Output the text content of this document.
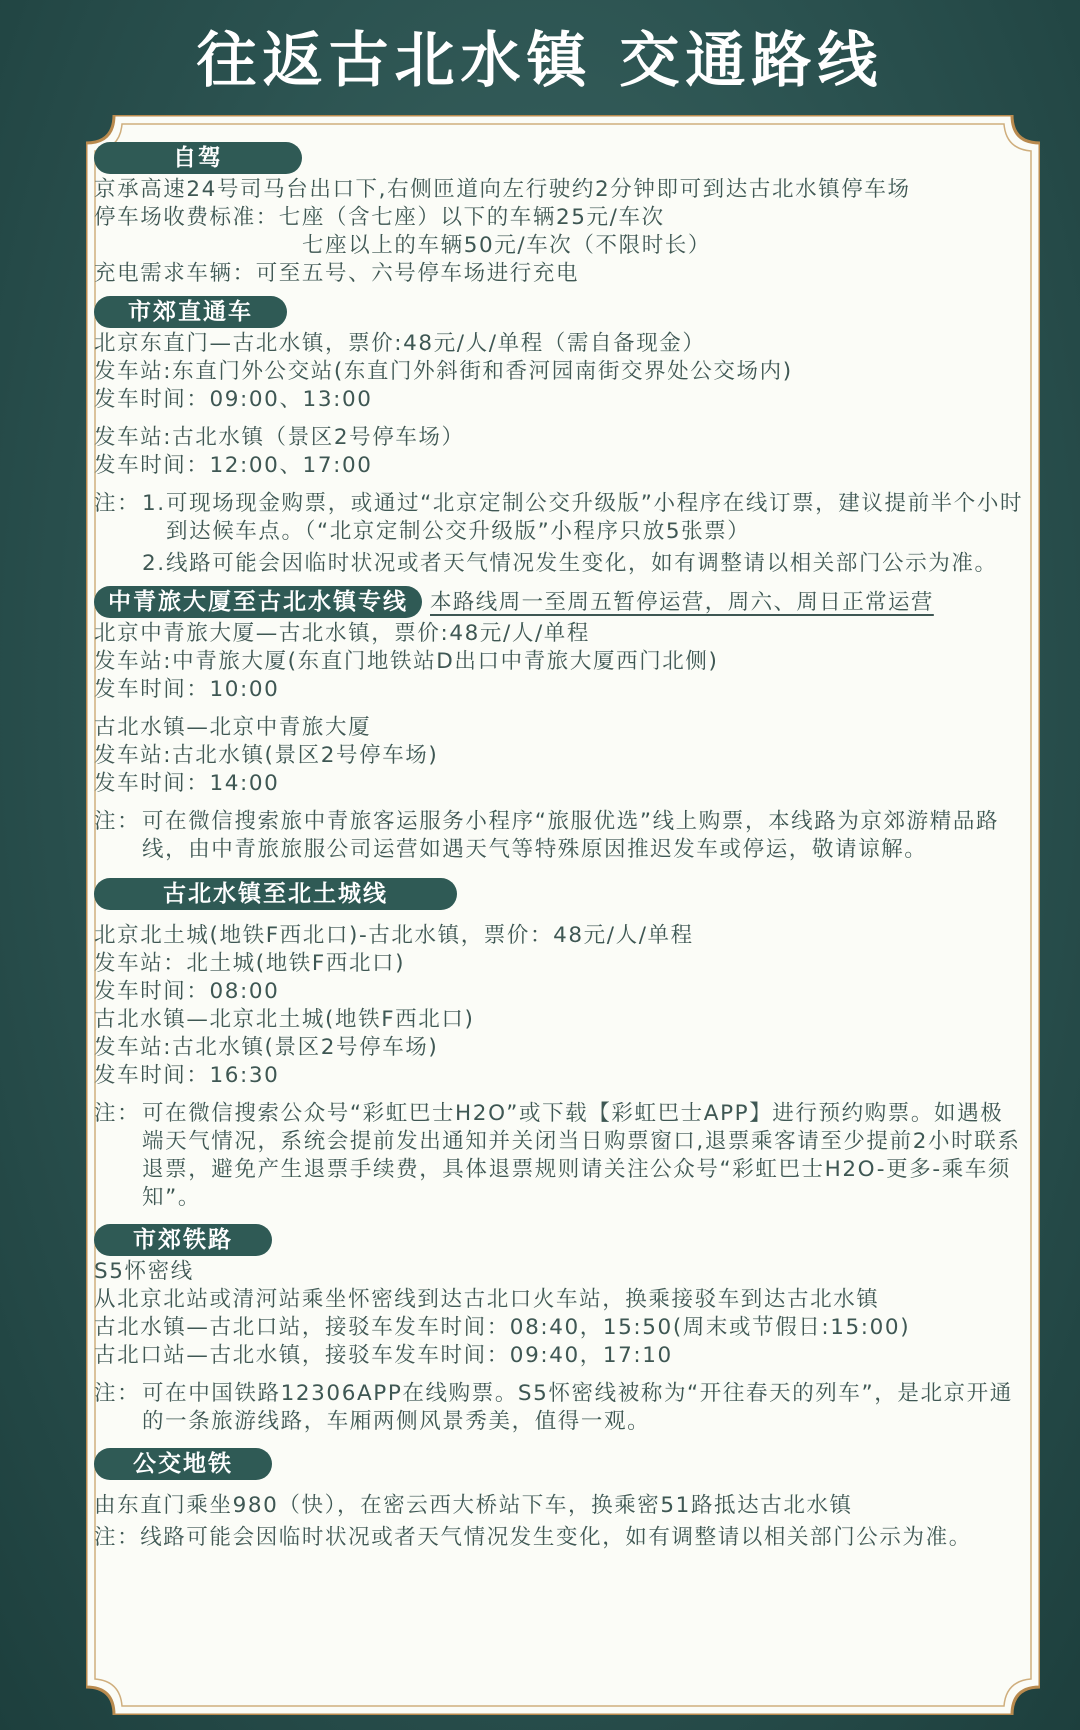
往返古北水镇 交通路线
自驾
京承高速24号司马台出口下,右侧匝道向左行驶约2分钟即可到达古北水镇停车场
停车场收费标准：七座（含七座）以下的车辆25元/车次
七座以上的车辆50元/车次（不限时长）
充电需求车辆：可至五号、六号停车场进行充电
市郊直通车
北京东直门—古北水镇，票价:48元/人/单程（需自备现金）
发车站:东直门外公交站(东直门外斜街和香河园南街交界处公交场内)
发车时间：09:00、13:00
发车站:古北水镇（景区2号停车场）
发车时间：12:00、17:00
注： 1. 可现场现金购票，或通过“北京定制公交升级版”小程序在线订票，建议提前半个小时到达候车点。（“北京定制公交升级版”小程序只放5张票）
2. 线路可能会因临时状况或者天气情况发生变化，如有调整请以相关部门公示为准。
中青旅大厦至古北水镇专线 本路线周一至周五暂停运营，周六、周日正常运营
北京中青旅大厦—古北水镇，票价:48元/人/单程
发车站:中青旅大厦(东直门地铁站D出口中青旅大厦西门北侧)
发车时间：10:00
古北水镇—北京中青旅大厦
发车站:古北水镇(景区2号停车场)
发车时间：14:00
注： 可在微信搜索旅中青旅客运服务小程序“旅服优选”线上购票，本线路为京郊游精品路线，由中青旅旅服公司运营如遇天气等特殊原因推迟发车或停运，敬请谅解。
古北水镇至北土城线
北京北土城(地铁F西北口)-古北水镇，票价：48元/人/单程
发车站：北土城(地铁F西北口)
发车时间：08:00
古北水镇—北京北土城(地铁F西北口)
发车站:古北水镇(景区2号停车场)
发车时间：16:30
注： 可在微信搜索公众号“彩虹巴士H2O”或下载【彩虹巴士APP】进行预约购票。如遇极端天气情况，系统会提前发出通知并关闭当日购票窗口,退票乘客请至少提前2小时联系退票，避免产生退票手续费，具体退票规则请关注公众号“彩虹巴士H2O-更多-乘车须知”。
市郊铁路
S5怀密线
从北京北站或清河站乘坐怀密线到达古北口火车站，换乘接驳车到达古北水镇
古北水镇—古北口站，接驳车发车时间：08:40，15:50(周末或节假日:15:00)
古北口站—古北水镇，接驳车发车时间：09:40，17:10
注： 可在中国铁路12306APP在线购票。S5怀密线被称为“开往春天的列车”，是北京开通的一条旅游线路，车厢两侧风景秀美，值得一观。
公交地铁
由东直门乘坐980（快），在密云西大桥站下车，换乘密51路抵达古北水镇
注：线路可能会因临时状况或者天气情况发生变化，如有调整请以相关部门公示为准。
